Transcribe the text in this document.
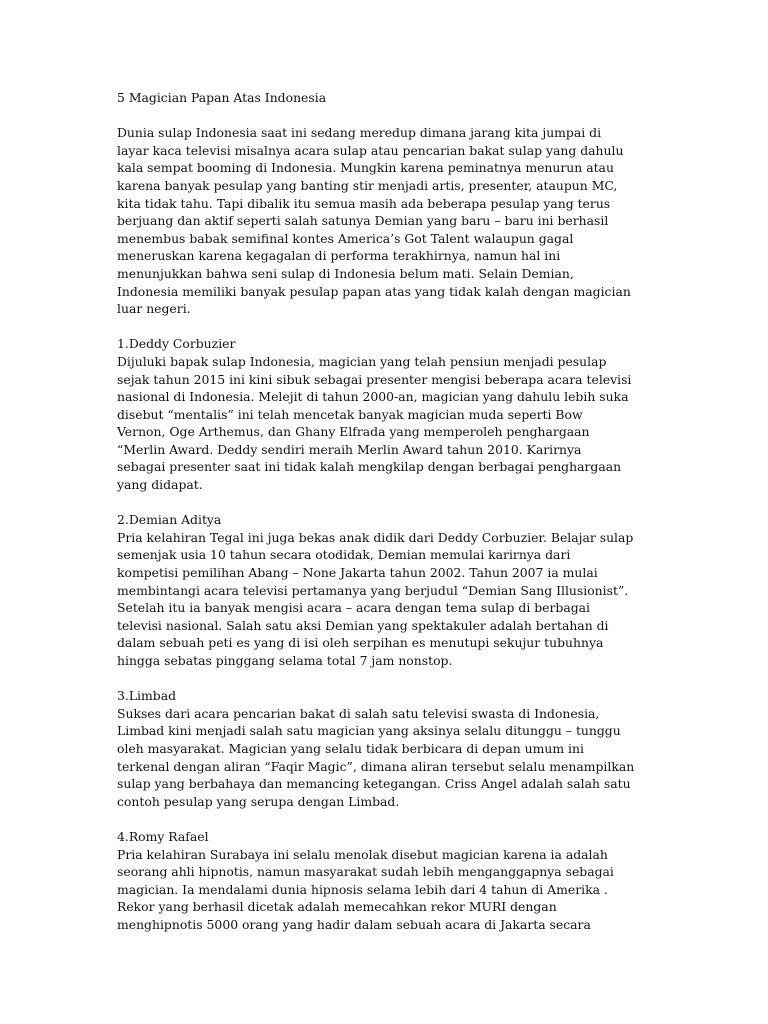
5 Magician Papan Atas Indonesia
Dunia sulap Indonesia saat ini sedang meredup dimana jarang kita jumpai di
layar kaca televisi misalnya acara sulap atau pencarian bakat sulap yang dahulu
kala sempat booming di Indonesia. Mungkin karena peminatnya menurun atau
karena banyak pesulap yang banting stir menjadi artis, presenter, ataupun MC,
kita tidak tahu. Tapi dibalik itu semua masih ada beberapa pesulap yang terus
berjuang dan aktif seperti salah satunya Demian yang baru – baru ini berhasil
menembus babak semifinal kontes America’s Got Talent walaupun gagal
meneruskan karena kegagalan di performa terakhirnya, namun hal ini
menunjukkan bahwa seni sulap di Indonesia belum mati. Selain Demian,
Indonesia memiliki banyak pesulap papan atas yang tidak kalah dengan magician
luar negeri.
1.Deddy Corbuzier
Dijuluki bapak sulap Indonesia, magician yang telah pensiun menjadi pesulap
sejak tahun 2015 ini kini sibuk sebagai presenter mengisi beberapa acara televisi
nasional di Indonesia. Melejit di tahun 2000-an, magician yang dahulu lebih suka
disebut “mentalis” ini telah mencetak banyak magician muda seperti Bow
Vernon, Oge Arthemus, dan Ghany Elfrada yang memperoleh penghargaan
“Merlin Award. Deddy sendiri meraih Merlin Award tahun 2010. Karirnya
sebagai presenter saat ini tidak kalah mengkilap dengan berbagai penghargaan
yang didapat.
2.Demian Aditya
Pria kelahiran Tegal ini juga bekas anak didik dari Deddy Corbuzier. Belajar sulap
semenjak usia 10 tahun secara otodidak, Demian memulai karirnya dari
kompetisi pemilihan Abang – None Jakarta tahun 2002. Tahun 2007 ia mulai
membintangi acara televisi pertamanya yang berjudul “Demian Sang Illusionist”.
Setelah itu ia banyak mengisi acara – acara dengan tema sulap di berbagai
televisi nasional. Salah satu aksi Demian yang spektakuler adalah bertahan di
dalam sebuah peti es yang di isi oleh serpihan es menutupi sekujur tubuhnya
hingga sebatas pinggang selama total 7 jam nonstop.
3.Limbad
Sukses dari acara pencarian bakat di salah satu televisi swasta di Indonesia,
Limbad kini menjadi salah satu magician yang aksinya selalu ditunggu – tunggu
oleh masyarakat. Magician yang selalu tidak berbicara di depan umum ini
terkenal dengan aliran “Faqir Magic”, dimana aliran tersebut selalu menampilkan
sulap yang berbahaya dan memancing ketegangan. Criss Angel adalah salah satu
contoh pesulap yang serupa dengan Limbad.
4.Romy Rafael
Pria kelahiran Surabaya ini selalu menolak disebut magician karena ia adalah
seorang ahli hipnotis, namun masyarakat sudah lebih menganggapnya sebagai
magician. Ia mendalami dunia hipnosis selama lebih dari 4 tahun di Amerika .
Rekor yang berhasil dicetak adalah memecahkan rekor MURI dengan
menghipnotis 5000 orang yang hadir dalam sebuah acara di Jakarta secara
